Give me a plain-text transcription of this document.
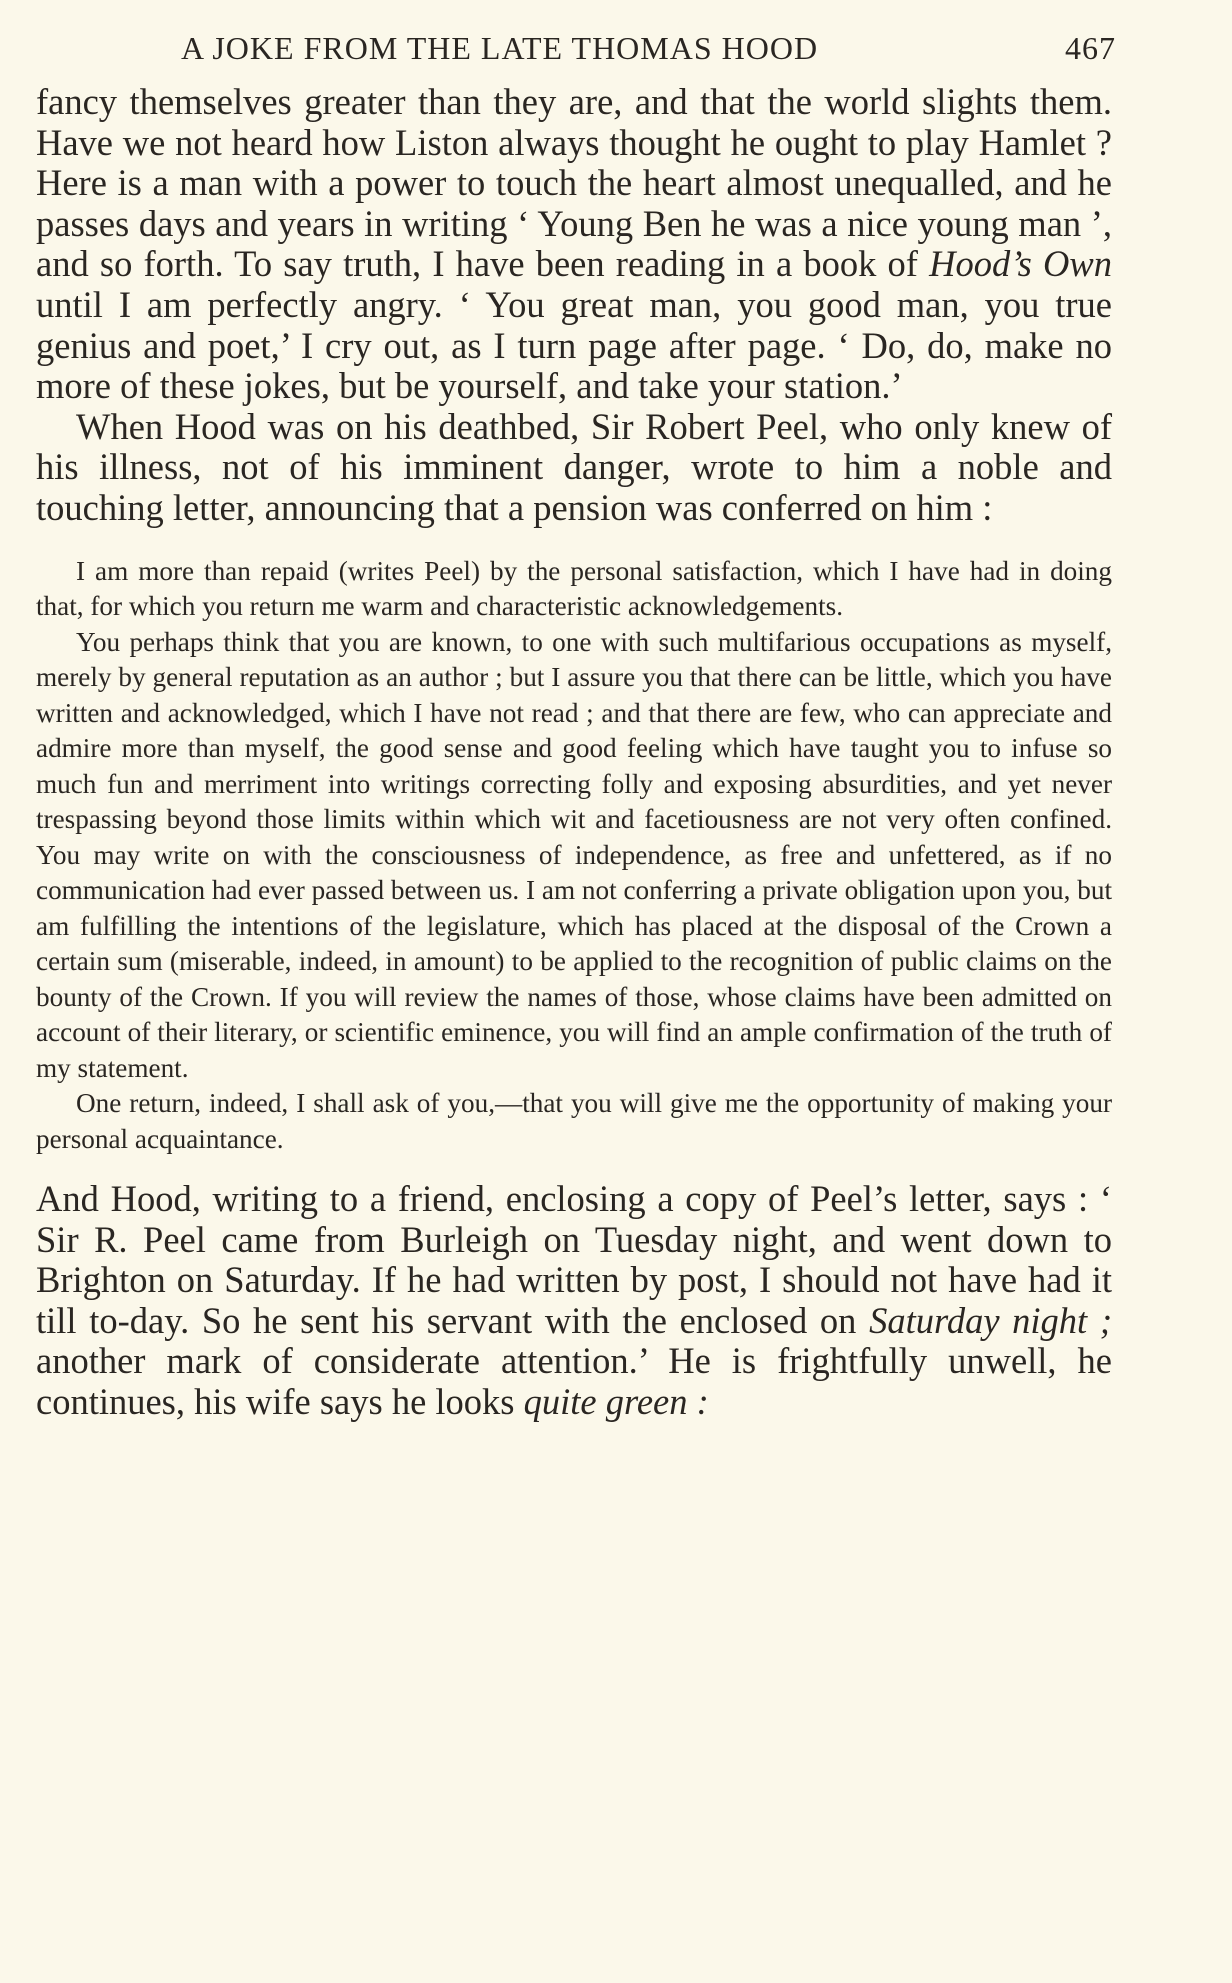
A JOKE FROM THE LATE THOMAS HOOD	467

fancy themselves greater than they are, and that the world slights them. Have we not heard how Liston always thought he ought to play Hamlet ? Here is a man with a power to touch the heart almost unequalled, and he passes days and years in writing ‘ Young Ben he was a nice young man ’, and so forth. To say truth, I have been reading in a book of Hood’s Own until I am perfectly angry. ‘ You great man, you good man, you true genius and poet,’ I cry out, as I turn page after page. ‘ Do, do, make no more of these jokes, but be yourself, and take your station.’

When Hood was on his deathbed, Sir Robert Peel, who only knew of his illness, not of his imminent danger, wrote to him a noble and touching letter, announcing that a pension was conferred on him :

I am more than repaid (writes Peel) by the personal satisfaction, which I have had in doing that, for which you return me warm and characteristic acknowledgements.

You perhaps think that you are known, to one with such multifarious occupations as myself, merely by general reputation as an author ; but I assure you that there can be little, which you have written and acknowledged, which I have not read ; and that there are few, who can appreciate and admire more than myself, the good sense and good feeling which have taught you to infuse so much fun and merriment into writings correcting folly and exposing absurdities, and yet never trespassing beyond those limits within which wit and facetiousness are not very often confined. You may write on with the consciousness of independence, as free and unfettered, as if no communication had ever passed between us. I am not conferring a private obligation upon you, but am fulfilling the intentions of the legislature, which has placed at the disposal of the Crown a certain sum (miserable, indeed, in amount) to be applied to the recognition of public claims on the bounty of the Crown. If you will review the names of those, whose claims have been admitted on account of their literary, or scientific eminence, you will find an ample confirmation of the truth of my statement.

One return, indeed, I shall ask of you,—that you will give me the opportunity of making your personal acquaintance.

And Hood, writing to a friend, enclosing a copy of Peel’s letter, says : ‘ Sir R. Peel came from Burleigh on Tuesday night, and went down to Brighton on Saturday. If he had written by post, I should not have had it till to-day. So he sent his servant with the enclosed on Saturday night ; another mark of considerate attention.’ He is frightfully unwell, he continues, his wife says he looks quite green :
